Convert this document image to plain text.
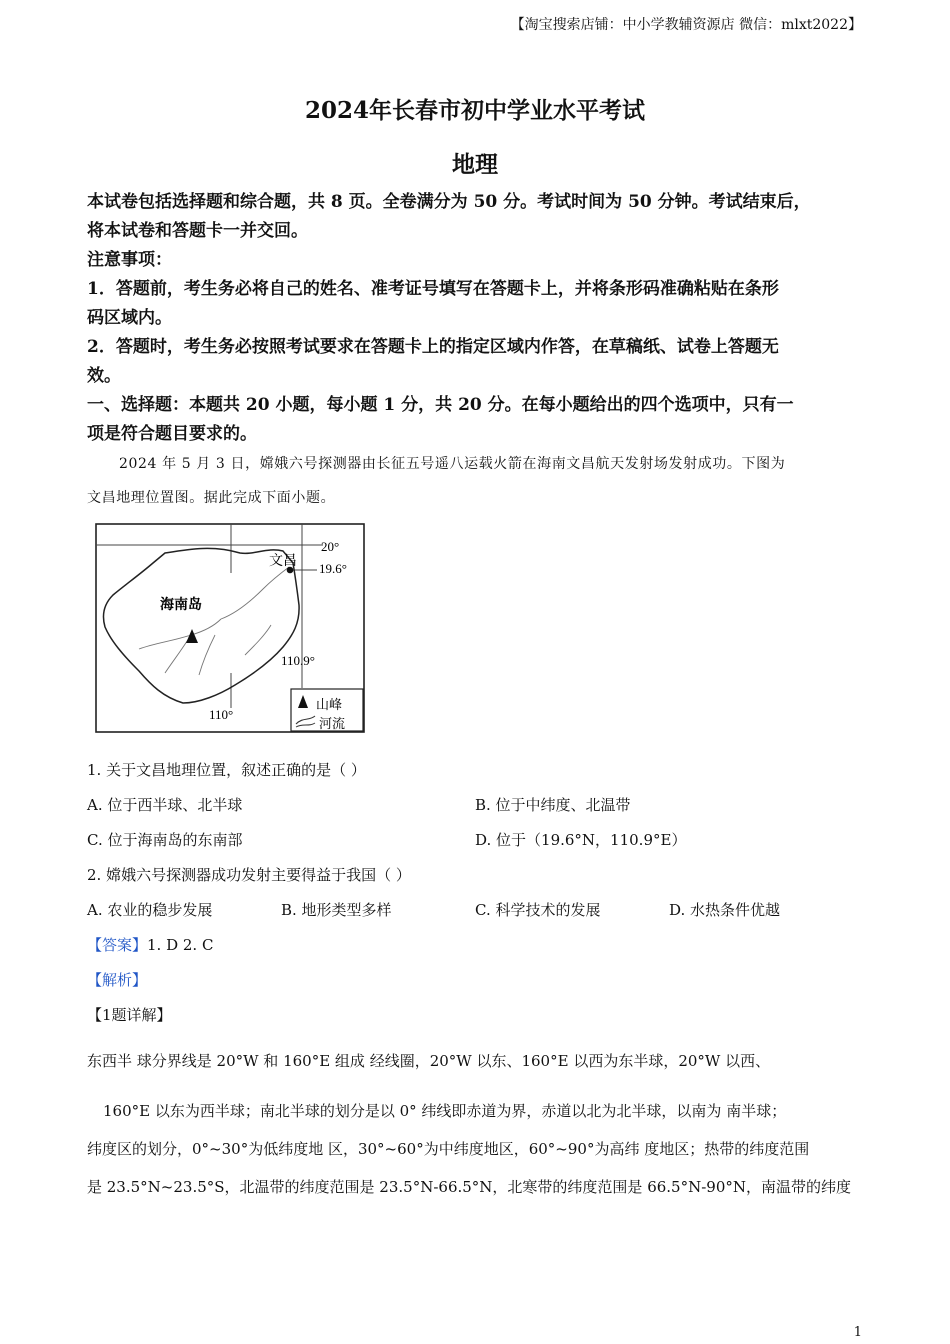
【淘宝搜索店铺：中小学教辅资源店 微信：mlxt2022】
2024年长春市初中学业水平考试
地理
本试卷包括选择题和综合题，共 8 页。全卷满分为 50 分。考试时间为 50 分钟。考试结束后，
将本试卷和答题卡一并交回。
注意事项：
1．答题前，考生务必将自己的姓名、准考证号填写在答题卡上，并将条形码准确粘贴在条形
码区域内。
2．答题时，考生务必按照考试要求在答题卡上的指定区域内作答，在草稿纸、试卷上答题无
效。
一、选择题：本题共 20 小题，每小题 1 分，共 20 分。在每小题给出的四个选项中，只有一
项是符合题目要求的。
2024 年 5 月 3 日，嫦娥六号探测器由长征五号遥八运载火箭在海南文昌航天发射场发射成功。下图为
文昌地理位置图。据此完成下面小题。
海南岛
文昌
20°
19.6°
110.9°
110°
山峰
河流
1. 关于文昌地理位置，叙述正确的是（ ）
A. 位于西半球、北半球	B. 位于中纬度、北温带
C. 位于海南岛的东南部	D. 位于（19.6°N，110.9°E）
2. 嫦娥六号探测器成功发射主要得益于我国（ ）
A. 农业的稳步发展	B. 地形类型多样	C. 科学技术的发展	D. 水热条件优越
【答案】1. D 2. C
【解析】
【1题详解】
东西半 球分界线是 20°W 和 160°E 组成 经线圈，20°W 以东、160°E 以西为东半球，20°W 以西、
160°E 以东为西半球；南北半球的划分是以 0° 纬线即赤道为界，赤道以北为北半球，以南为 南半球；
纬度区的划分，0°~30°为低纬度地 区，30°~60°为中纬度地区，60°~90°为高纬 度地区；热带的纬度范围
是 23.5°N~23.5°S，北温带的纬度范围是 23.5°N-66.5°N，北寒带的纬度范围是 66.5°N-90°N，南温带的纬度
1
